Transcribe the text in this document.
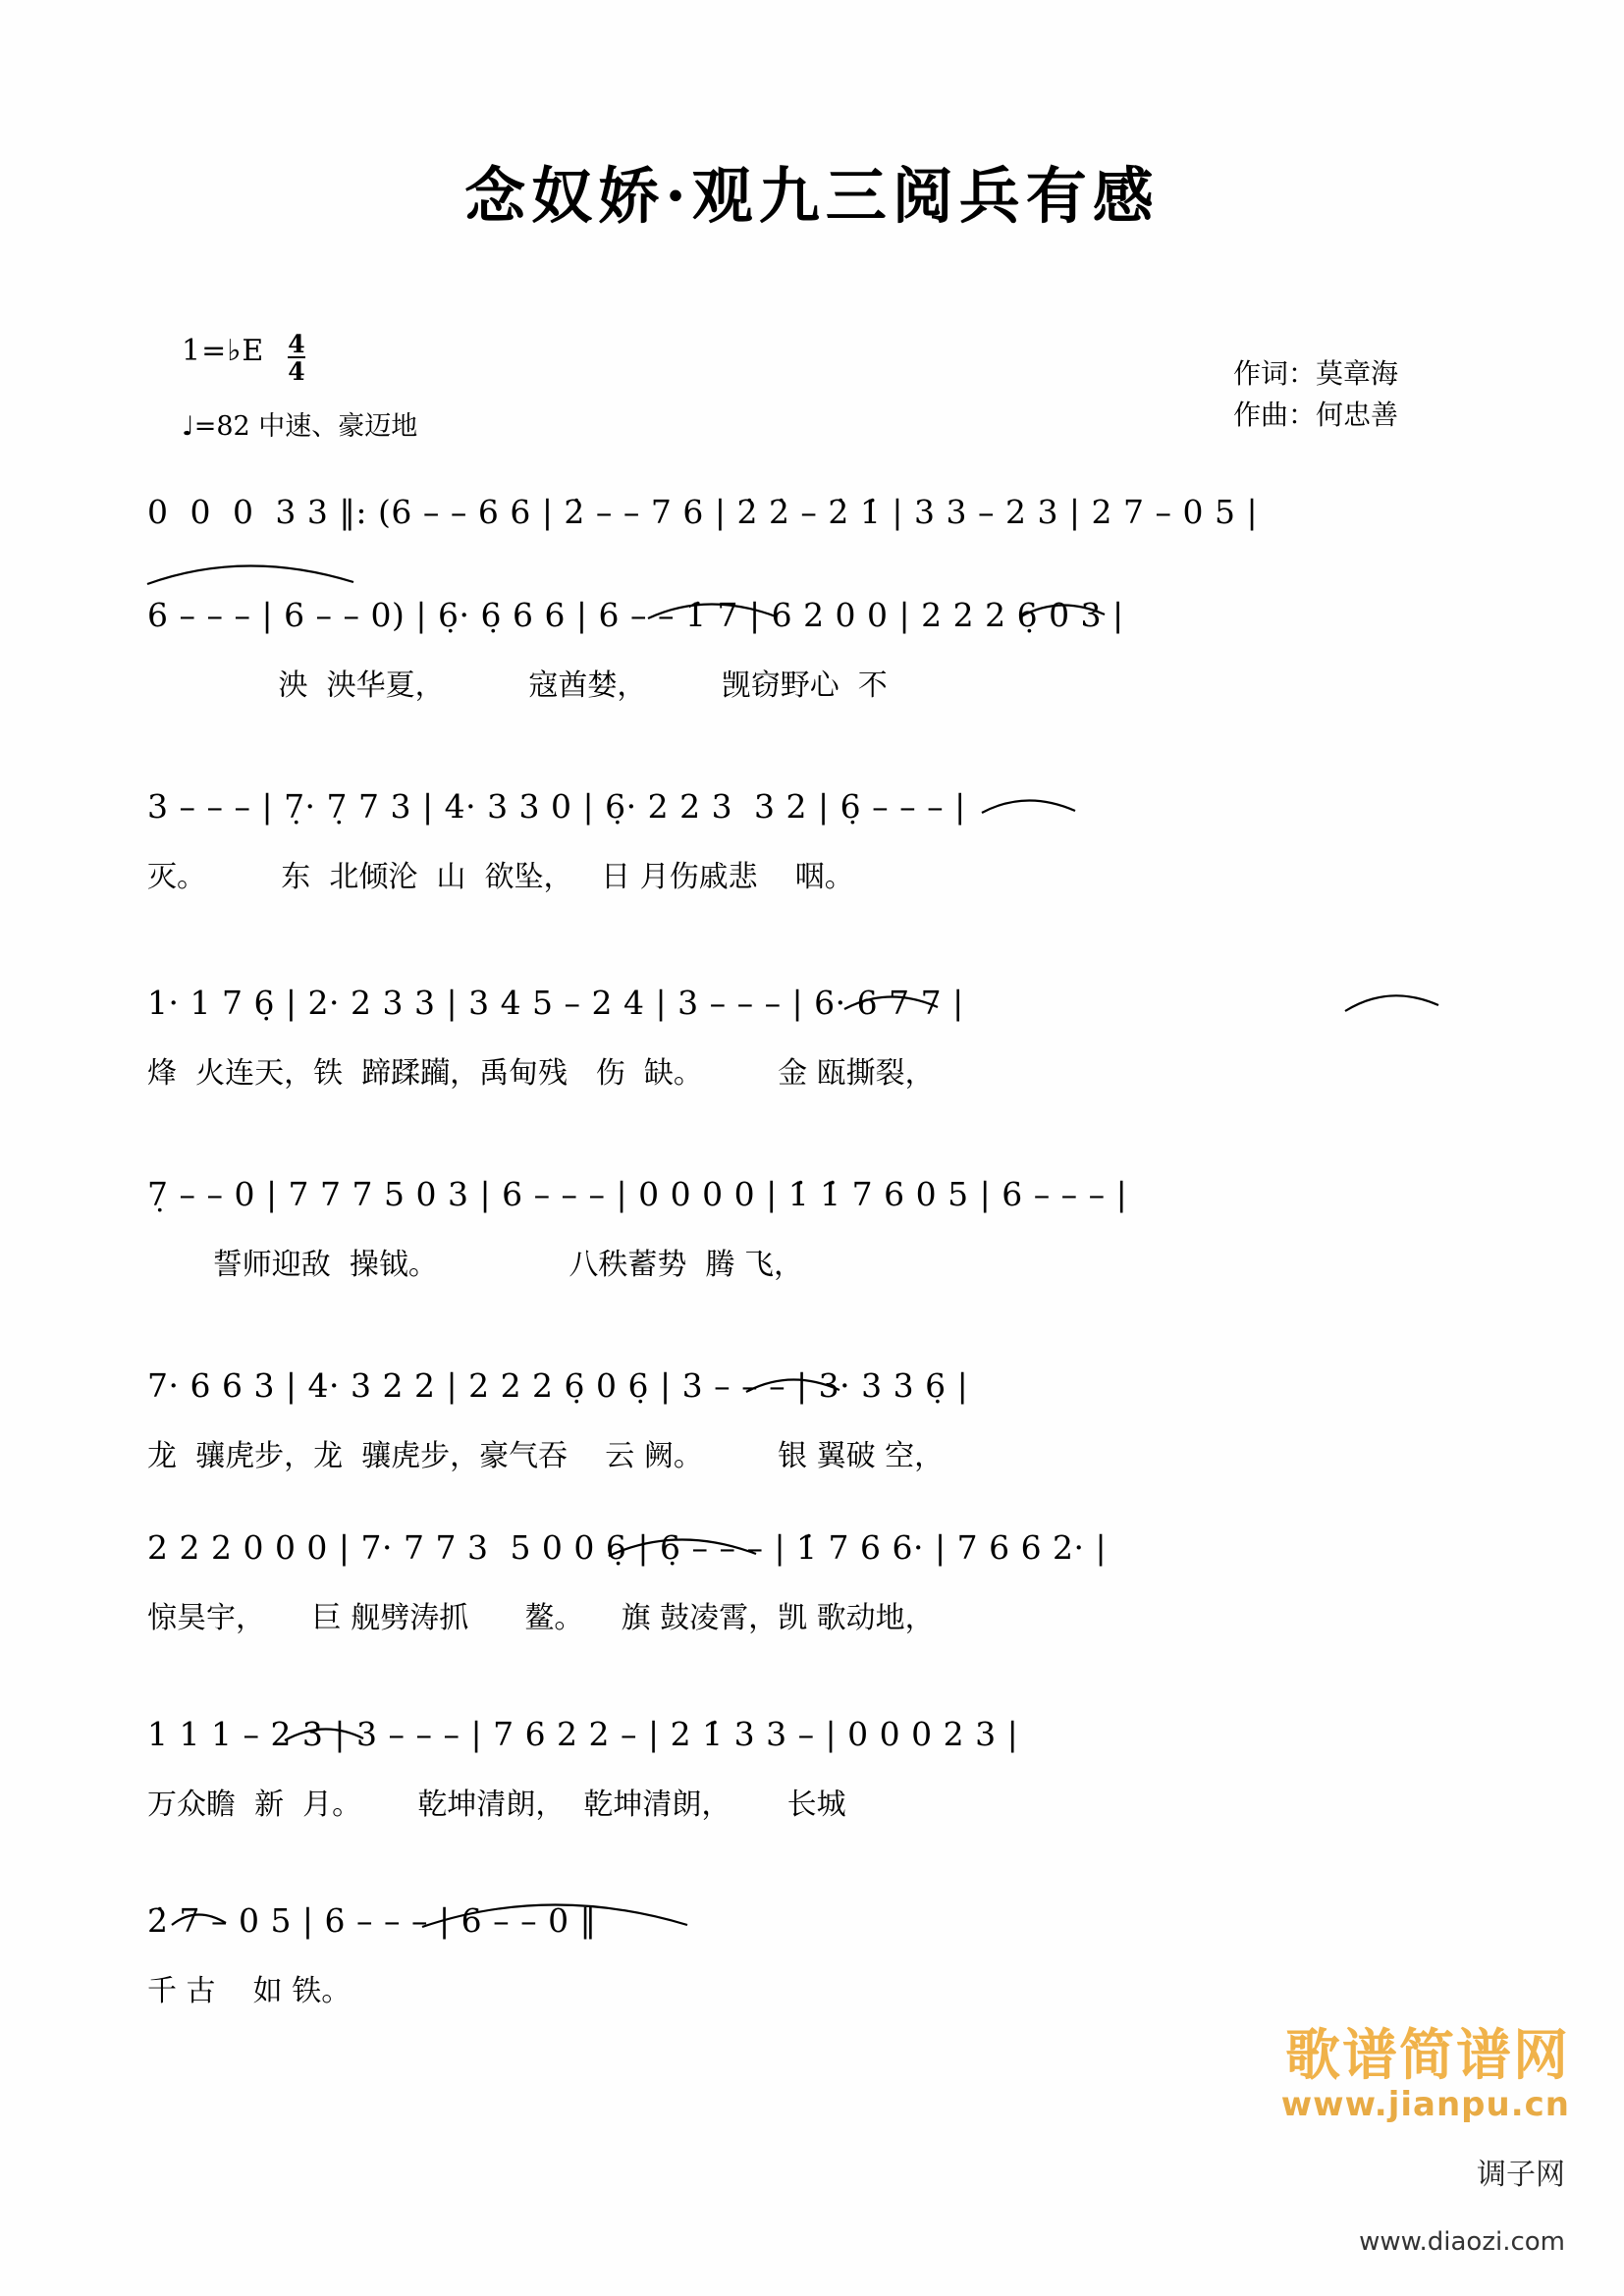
念奴娇·观九三阅兵有感
1=♭E $\frac{4}{4}$
♩=82 中速、豪迈地
作词：莫章海
作曲：何忠善
0  0  0  3 3 ‖: (6 – – 6 6 | 2̇ – – 7 6 | 2̇ 2̇ – 2̇ 1̇ | 3 3 – 2 3 | 2 7 – 0 5 |
6 – – – | 6 – – 0) | 6̣· 6̣ 6 6 | 6 – – 1̇ 7 | 6 2 0 0 | 2 2 2 6̣ 0 3 |
泱  泱华夏，         寇酋婪，        觊窃野心  不
3 – – – | 7̣· 7̣ 7 3 | 4· 3 3 0 | 6̣· 2 2 3  3 2 | 6̣ – – – |
灭。        东  北倾沦  山  欲坠，   日 月伤戚悲    咽。
1· 1 7 6̣ | 2· 2 3 3 | 3 4 5 – 2 4 | 3 – – – | 6· 6 7 7 |
烽  火连天，铁  蹄蹂躏，禹甸残   伤  缺。        金 瓯撕裂，
7̣ – – 0 | 7 7 7 5 0 3 | 6 – – – | 0 0 0 0 | 1̇ 1̇ 7 6 0 5 | 6 – – – |
誓师迎敌  操钺。              八秩蓄势  腾 飞，
7· 6 6 3 | 4· 3 2 2 | 2 2 2 6̣ 0 6̣ | 3 – – – | 3· 3 3 6̣ |
龙  骧虎步，龙  骧虎步，豪气吞    云 阙。        银 翼破 空，
2 2 2 0 0 0 | 7· 7 7 3  5 0 0 6̣ | 6̣ – – – | 1̇ 7 6 6· | 7 6 6 2· |
惊昊宇，     巨 舰劈涛抓      鳌。    旗 鼓凌霄，凯 歌动地，
1 1 1 – 2 3 | 3 – – – | 7 6 2 2 – | 2 1̇ 3 3 – | 0 0 0 2 3 |
万众瞻  新  月。      乾坤清朗，  乾坤清朗，      长城
2̇ 7 – 0 5 | 6 – – – | 6 – – 0 ‖
千 古    如 铁。
歌谱简谱网
www.jianpu.cn
调子网
www.diaozi.com
